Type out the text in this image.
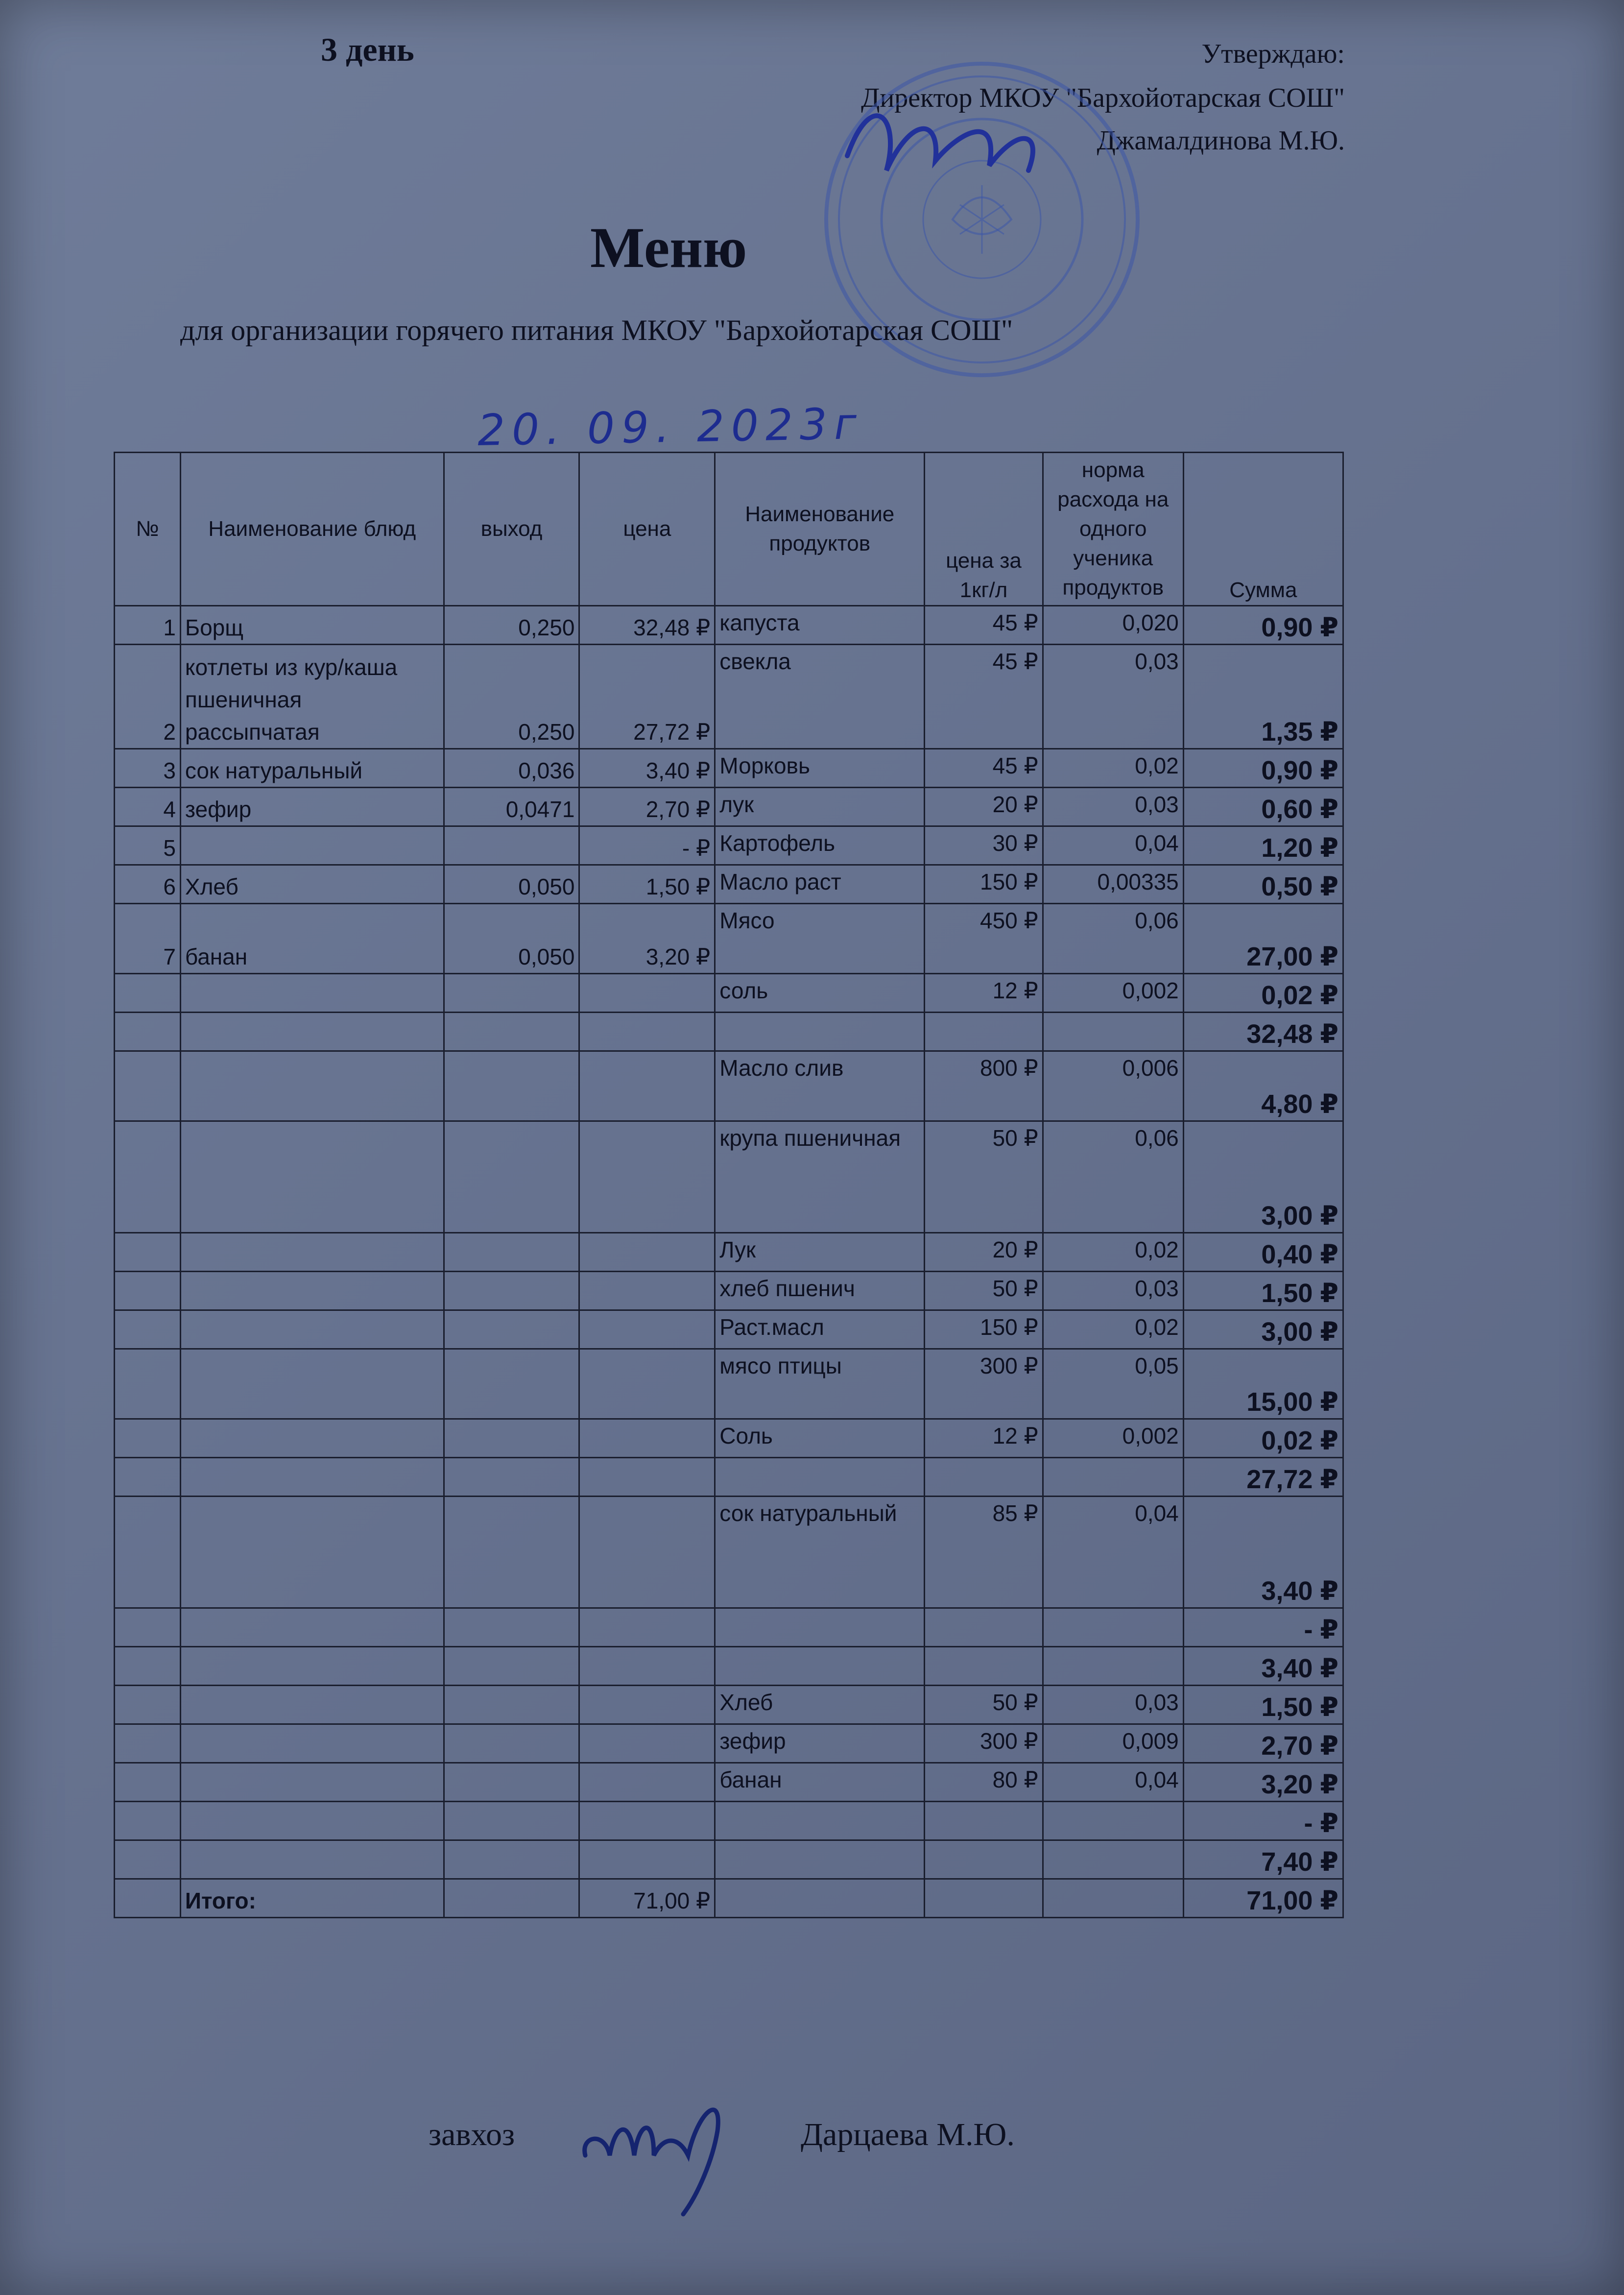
3 день	Утверждаю:
Директор МКОУ "Бархойотарская СОШ"
Джамалдинова М.Ю.
Меню
для организации горячего питания МКОУ "Бархойотарская СОШ"
20. 09. 2023г
№	Наименование блюд	выход	цена	Наименование продуктов	цена за 1кг/л	норма расхода на одного ученика продуктов	Сумма
1	Борщ	0,250	32,48 ₽	капуста	45 ₽	0,020	0,90 ₽
2	котлеты из кур/каша пшеничная рассыпчатая	0,250	27,72 ₽	свекла	45 ₽	0,03	1,35 ₽
3	сок натуральный	0,036	3,40 ₽	Морковь	45 ₽	0,02	0,90 ₽
4	зефир	0,0471	2,70 ₽	лук	20 ₽	0,03	0,60 ₽
5			- ₽	Картофель	30 ₽	0,04	1,20 ₽
6	Хлеб	0,050	1,50 ₽	Масло раст	150 ₽	0,00335	0,50 ₽
7	банан	0,050	3,20 ₽	Мясо	450 ₽	0,06	27,00 ₽
				соль	12 ₽	0,002	0,02 ₽
							32,48 ₽
				Масло слив	800 ₽	0,006	4,80 ₽
				крупа пшеничная	50 ₽	0,06	3,00 ₽
				Лук	20 ₽	0,02	0,40 ₽
				хлеб пшенич	50 ₽	0,03	1,50 ₽
				Раст.масл	150 ₽	0,02	3,00 ₽
				мясо птицы	300 ₽	0,05	15,00 ₽
				Соль	12 ₽	0,002	0,02 ₽
							27,72 ₽
				сок натуральный	85 ₽	0,04	3,40 ₽
							- ₽
							3,40 ₽
				Хлеб	50 ₽	0,03	1,50 ₽
				зефир	300 ₽	0,009	2,70 ₽
				банан	80 ₽	0,04	3,20 ₽
							- ₽
							7,40 ₽
	Итого:		71,00 ₽				71,00 ₽
завхоз	Дарцаева М.Ю.
